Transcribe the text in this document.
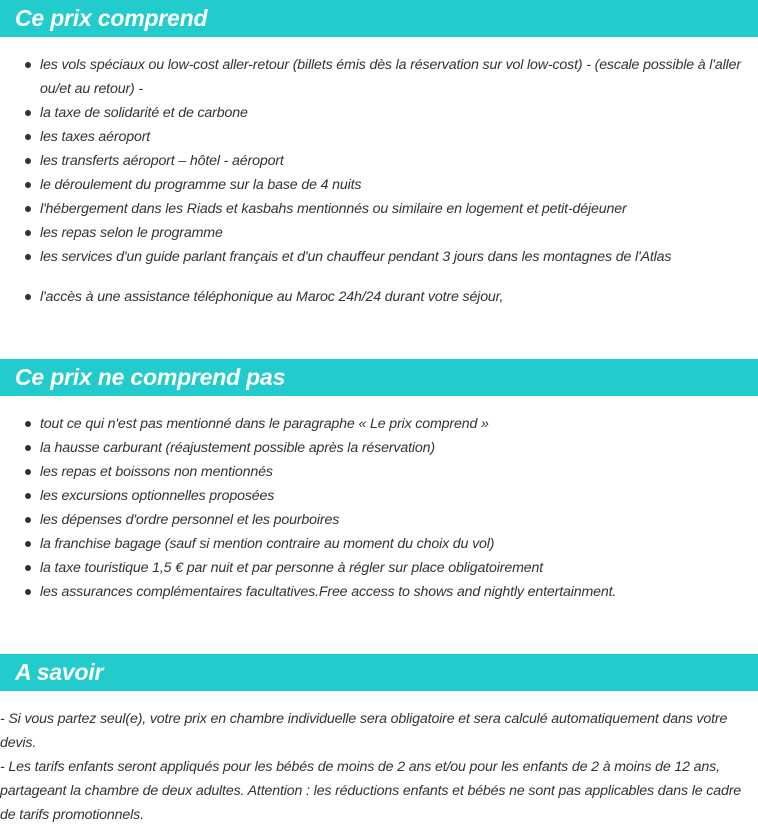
Ce prix comprend
les vols spéciaux ou low-cost aller-retour (billets émis dès la réservation sur vol low-cost) - (escale possible à l'aller ou/et au retour) -
la taxe de solidarité et de carbone
les taxes aéroport
les transferts aéroport – hôtel - aéroport
le déroulement du programme sur la base de 4 nuits
l'hébergement dans les Riads et kasbahs mentionnés ou similaire en logement et petit-déjeuner
les repas selon le programme
les services d'un guide parlant français et d'un chauffeur pendant 3 jours dans les montagnes de l'Atlas
l'accès à une assistance téléphonique au Maroc 24h/24 durant votre séjour,
Ce prix ne comprend pas
tout ce qui n'est pas mentionné dans le paragraphe « Le prix comprend »
la hausse carburant (réajustement possible après la réservation)
les repas et boissons non mentionnés
les excursions optionnelles proposées
les dépenses d'ordre personnel et les pourboires
la franchise bagage (sauf si mention contraire au moment du choix du vol)
la taxe touristique 1,5 € par nuit et par personne à régler sur place obligatoirement
les assurances complémentaires facultatives.Free access to shows and nightly entertainment.
A savoir
- Si vous partez seul(e), votre prix en chambre individuelle sera obligatoire et sera calculé automatiquement dans votre devis.
- Les tarifs enfants seront appliqués pour les bébés de moins de 2 ans et/ou pour les enfants de 2 à moins de 12 ans, partageant la chambre de deux adultes. Attention : les réductions enfants et bébés ne sont pas applicables dans le cadre de tarifs promotionnels.
